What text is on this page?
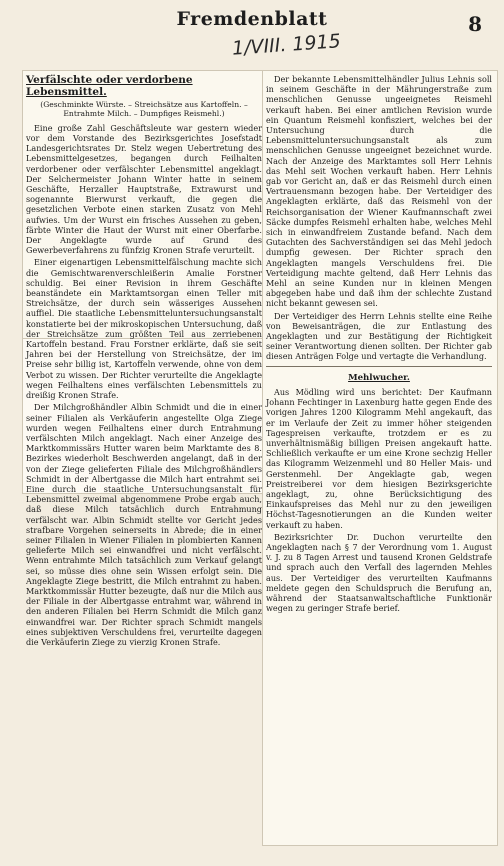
Fremdenblatt	8
1/VIII. 1915
Verfälschte oder verdorbene Lebensmittel.
(Geschminkte Würste. – Streichsätze aus Kartoffeln. – Entrahmte Milch. – Dumpfiges Reismehl.)

Eine große Zahl Geschäftsleute war gestern wieder vor dem Vorstande des Bezirksgerichtes Josefstadt Landesgerichtsrates Dr. Stelz wegen Uebertretung des Lebensmittelgesetzes, begangen durch Feilhalten verdorbener oder verfälschter Lebensmittel angeklagt. Der Selchermeister Johann Winter hatte in seinem Geschäfte, Herzaller Hauptstraße, Extrawurst und sogenannte Bierwurst verkauft, die gegen die gesetzlichen Verbote einen starken Zusatz von Mehl aufwies. Um der Wurst ein frisches Aussehen zu geben, färbte Winter die Haut der Wurst mit einer Oberfarbe. Der Angeklagte wurde auf Grund des Gewerbeverfahrens zu fünfzig Kronen Strafe verurteilt.

Einer eigenartigen Lebensmittelfälschung machte sich die Gemischtwarenverschleißerin Amalie Forstner schuldig. Bei einer Revision in ihrem Geschäfte beanständete ein Marktamtsorgan einen Teller mit Streichsätze, der durch sein wässeriges Aussehen auffiel. Die staatliche Lebensmitteluntersuchungsanstalt konstatierte bei der mikroskopischen Untersuchung, daß der Streichsätze zum größten Teil aus zerriebenen Kartoffeln bestand. Frau Forstner erklärte, daß sie seit Jahren bei der Herstellung von Streichsätze, der im Preise sehr billig ist, Kartoffeln verwende, ohne von dem Verbot zu wissen. Der Richter verurteilte die Angeklagte wegen Feilhaltens eines verfälschten Lebensmittels zu dreißig Kronen Strafe.

Der Milchgroßhändler Albin Schmidt und die in einer seiner Filialen als Verkäuferin angestellte Olga Ziege wurden wegen Feilhaltens einer durch Entrahmung verfälschten Milch angeklagt. Nach einer Anzeige des Marktkommissärs Hutter waren beim Marktamte des 8. Bezirkes wiederholt Beschwerden angelangt, daß in der von der Ziege gelieferten Filiale des Milchgroßhändlers Schmidt in der Albertgasse die Milch hart entrahmt sei. Eine durch die staatliche Untersuchungsanstalt für Lebensmittel zweimal abgenommene Probe ergab auch, daß diese Milch tatsächlich durch Entrahmung verfälscht war. Albin Schmidt stellte vor Gericht jedes strafbare Vorgehen seinerseits in Abrede; die in einer seiner Filialen in Wiener Filialen in plombierten Kannen gelieferte Milch sei einwandfrei und nicht verfälscht. Wenn entrahmte Milch tatsächlich zum Verkauf gelangt sei, so müsse dies ohne sein Wissen erfolgt sein. Die Angeklagte Ziege bestritt, die Milch entrahmt zu haben. Marktkommissär Hutter bezeugte, daß nur die Milch aus der Filiale in der Albertgasse entrahmt war, während in den anderen Filialen bei Herrn Schmidt die Milch ganz einwandfrei war. Der Richter sprach Schmidt mangels eines subjektiven Verschuldens frei, verurteilte dagegen die Verkäuferin Ziege zu vierzig Kronen Strafe.

Der bekannte Lebensmittelhändler Julius Lehnis soll in seinem Geschäfte in der Mährungerstraße zum menschlichen Genusse ungeeignetes Reismehl verkauft haben. Bei einer amtlichen Revision wurde ein Quantum Reismehl konfisziert, welches bei der Untersuchung durch die Lebensmitteluntersuchungsanstalt als zum menschlichen Genusse ungeeignet bezeichnet wurde. Nach der Anzeige des Marktamtes soll Herr Lehnis das Mehl seit Wochen verkauft haben. Herr Lehnis gab vor Gericht an, daß er das Reismehl durch einen Vertrauensmann bezogen habe. Der Verteidiger des Angeklagten erklärte, daß das Reismehl von der Reichsorganisation der Wiener Kaufmannschaft zwei Säcke dumpfes Reismehl erhalten habe, welches Mehl sich in einwandfreiem Zustande befand. Nach dem Gutachten des Sachverständigen sei das Mehl jedoch dumpfig gewesen. Der Richter sprach den Angeklagten mangels Verschuldens frei. Die Verteidigung machte geltend, daß Herr Lehnis das Mehl an seine Kunden nur in kleinen Mengen abgegeben habe und daß ihm der schlechte Zustand nicht bekannt gewesen sei.

Der Verteidiger des Herrn Lehnis stellte eine Reihe von Beweisanträgen, die zur Entlastung des Angeklagten und zur Bestätigung der Richtigkeit seiner Verantwortung dienen sollten. Der Richter gab diesen Anträgen Folge und vertagte die Verhandlung.

Mehlwucher.

Aus Mödling wird uns berichtet: Der Kaufmann Johann Fechtinger in Laxenburg hatte gegen Ende des vorigen Jahres 1200 Kilogramm Mehl angekauft, das er im Verlaufe der Zeit zu immer höher steigenden Tagespreisen verkaufte, trotzdem er es zu unverhältnismäßig billigen Preisen angekauft hatte. Schließlich verkaufte er um eine Krone sechzig Heller das Kilogramm Weizenmehl und 80 Heller Mais- und Gerstenmehl. Der Angeklagte gab, wegen Preistreiberei vor dem hiesigen Bezirksgerichte angeklagt, zu, ohne Berücksichtigung des Einkaufspreises das Mehl nur zu den jeweiligen Höchst-Tagesnotierungen an die Kunden weiter verkauft zu haben.

Bezirksrichter Dr. Duchon verurteilte den Angeklagten nach § 7 der Verordnung vom 1. August v. J. zu 8 Tagen Arrest und tausend Kronen Geldstrafe und sprach auch den Verfall des lagernden Mehles aus. Der Verteidiger des verurteilten Kaufmanns meldete gegen den Schuldspruch die Berufung an, während der Staatsanwaltschaftliche Funktionär wegen zu geringer Strafe berief.
